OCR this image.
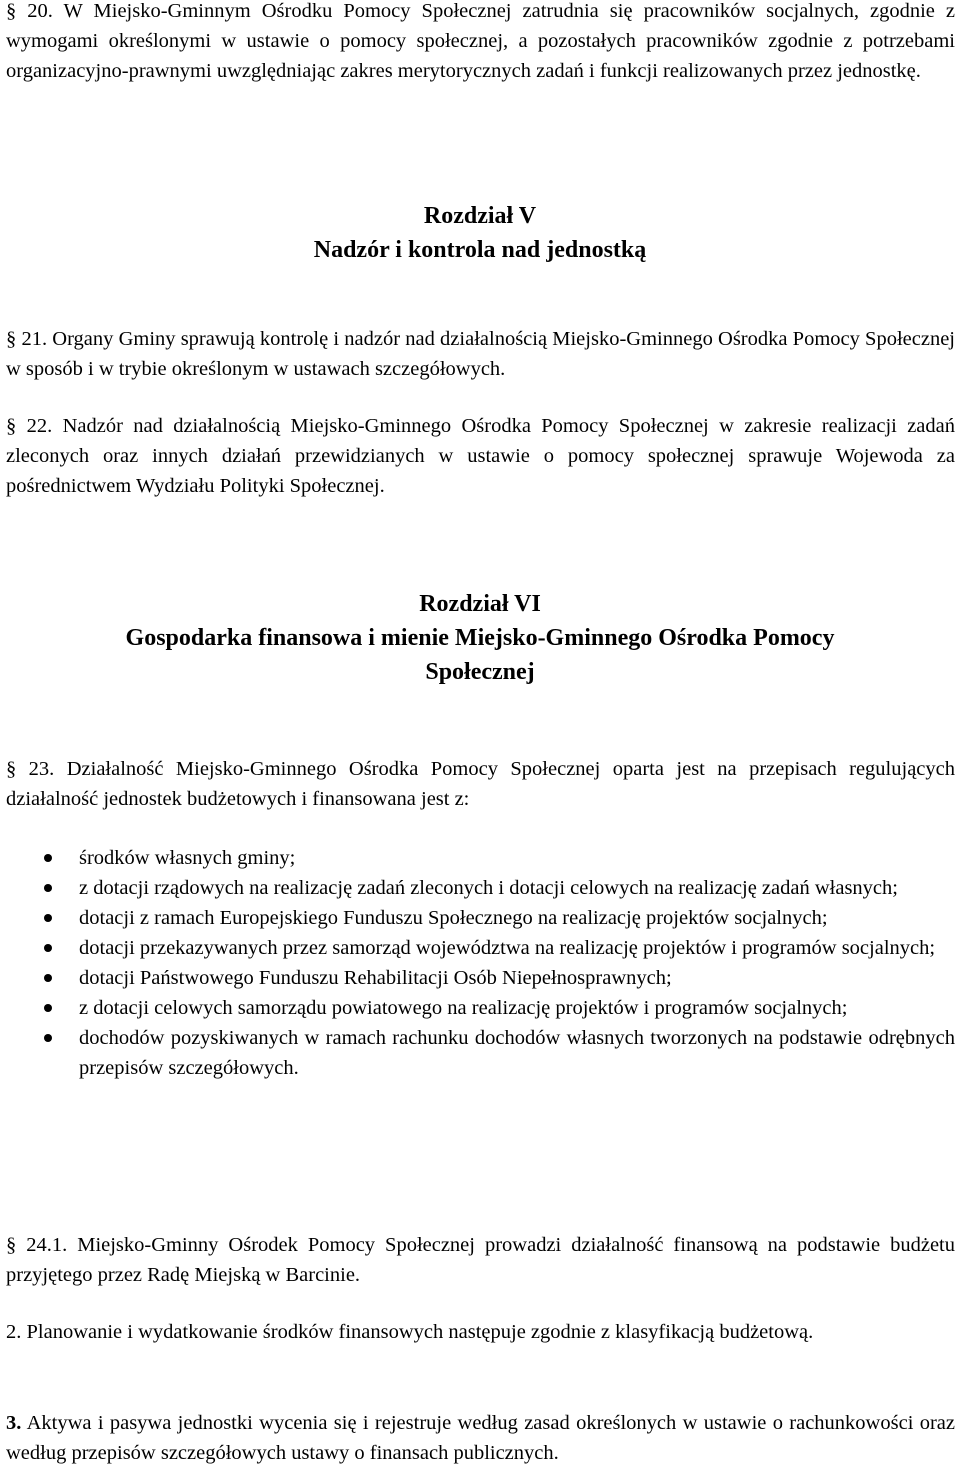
§ 20. W Miejsko-Gminnym Ośrodku Pomocy Społecznej zatrudnia się pracowników socjalnych, zgodnie z wymogami określonymi w ustawie o pomocy społecznej, a pozostałych pracowników zgodnie z potrzebami organizacyjno-prawnymi uwzględniając zakres merytorycznych zadań i funkcji realizowanych przez jednostkę.

Rozdział V
Nadzór i kontrola nad jednostką

§ 21. Organy Gminy sprawują kontrolę i nadzór nad działalnością Miejsko-Gminnego Ośrodka Pomocy Społecznej w sposób i w trybie określonym w ustawach szczegółowych.

§ 22. Nadzór nad działalnością Miejsko-Gminnego Ośrodka Pomocy Społecznej w zakresie realizacji zadań zleconych oraz innych działań przewidzianych w ustawie o pomocy społecznej sprawuje Wojewoda za pośrednictwem Wydziału Polityki Społecznej.

Rozdział VI
Gospodarka finansowa i mienie Miejsko-Gminnego Ośrodka Pomocy
Społecznej

§ 23. Działalność Miejsko-Gminnego Ośrodka Pomocy Społecznej oparta jest na przepisach regulujących działalność jednostek budżetowych i finansowana jest z:

środków własnych gminy;
z dotacji rządowych na realizację zadań zleconych i dotacji celowych na realizację zadań własnych;
dotacji z ramach Europejskiego Funduszu Społecznego na realizację projektów socjalnych;
dotacji przekazywanych przez samorząd województwa na realizację projektów i programów socjalnych;
dotacji Państwowego Funduszu Rehabilitacji Osób Niepełnosprawnych;
z dotacji celowych samorządu powiatowego na realizację projektów i programów socjalnych;
dochodów pozyskiwanych w ramach rachunku dochodów własnych tworzonych na podstawie odrębnych przepisów szczegółowych.

§ 24.1. Miejsko-Gminny Ośrodek Pomocy Społecznej prowadzi działalność finansową na podstawie budżetu przyjętego przez Radę Miejską w Barcinie.

2. Planowanie i wydatkowanie środków finansowych następuje zgodnie z klasyfikacją budżetową.

3. Aktywa i pasywa jednostki wycenia się i rejestruje według zasad określonych w ustawie o rachunkowości oraz według przepisów szczegółowych ustawy o finansach publicznych.
